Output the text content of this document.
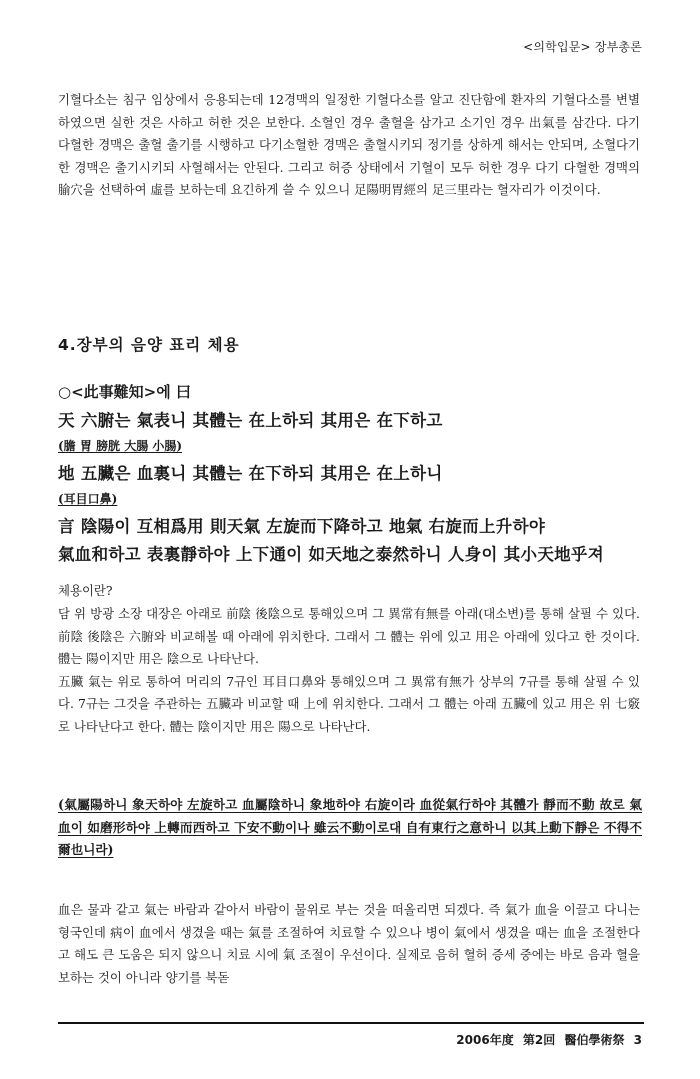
<의학입문> 장부총론
기혈다소는 침구 임상에서 응용되는데 12경맥의 일정한 기혈다소를 알고 진단함에 환자의 기혈다소를 변별 하였으면 실한 것은 사하고 허한 것은 보한다. 소혈인 경우 출혈을 삼가고 소기인 경우 出氣를 삼간다. 다기다혈한 경맥은 출혈 출기를 시행하고 다기소혈한 경맥은 출혈시키되 정기를 상하게 해서는 안되며, 소혈다기한 경맥은 출기시키되 사혈해서는 안된다. 그리고 허증 상태에서 기혈이 모두 허한 경우 다기 다혈한 경맥의 腧穴을 선택하여 虛를 보하는데 요긴하게 쓸 수 있으니 足陽明胃經의 足三里라는 혈자리가 이것이다.
4.장부의 음양 표리 체용
○<此事難知>에 曰
天 六腑는 氣表니 其體는 在上하되 其用은 在下하고
(膽 胃 膀胱 大腸 小腸)
地 五臟은 血裏니 其體는 在下하되 其用은 在上하니
(耳目口鼻)
言 陰陽이 互相爲用 則天氣 左旋而下降하고 地氣 右旋而上升하야
氣血和하고 表裏靜하야 上下通이 如天地之泰然하니 人身이 其小天地乎져
체용이란?
담 위 방광 소장 대장은 아래로 前陰 後陰으로 통해있으며 그 異常有無를 아래(대소변)를 통해 살필 수 있다. 前陰 後陰은 六腑와 비교해볼 때 아래에 위치한다. 그래서 그 體는 위에 있고 用은 아래에 있다고 한 것이다. 體는 陽이지만 用은 陰으로 나타난다.
五臟 氣는 위로 통하여 머리의 7규인 耳目口鼻와 통해있으며 그 異常有無가 상부의 7규를 통해 살필 수 있다. 7규는 그것을 주관하는 五臟과 비교할 때 上에 위치한다. 그래서 그 體는 아래 五臟에 있고 用은 위 七竅로 나타난다고 한다. 體는 陰이지만 用은 陽으로 나타난다.
(氣屬陽하니 象天하야 左旋하고 血屬陰하니 象地하야 右旋이라 血從氣行하야 其體가 靜而不動 故로 氣血이 如磨形하야 上轉而西하고 下安不動이나 雖云不動이로대 自有東行之意하니 以其上動下靜은 不得不爾也니라)
血은 물과 같고 氣는 바람과 같아서 바람이 물위로 부는 것을 떠올리면 되겠다. 즉 氣가 血을 이끌고 다니는 형국인데 病이 血에서 생겼을 때는 氣를 조절하여 치료할 수 있으나 병이 氣에서 생겼을 때는 血을 조절한다고 해도 큰 도움은 되지 않으니 치료 시에 氣 조절이 우선이다. 실제로 음허 혈허 증세 중에는 바로 음과 혈을 보하는 것이 아니라 양기를 북돋
2006年度 第2回 醫伯學術祭 3
